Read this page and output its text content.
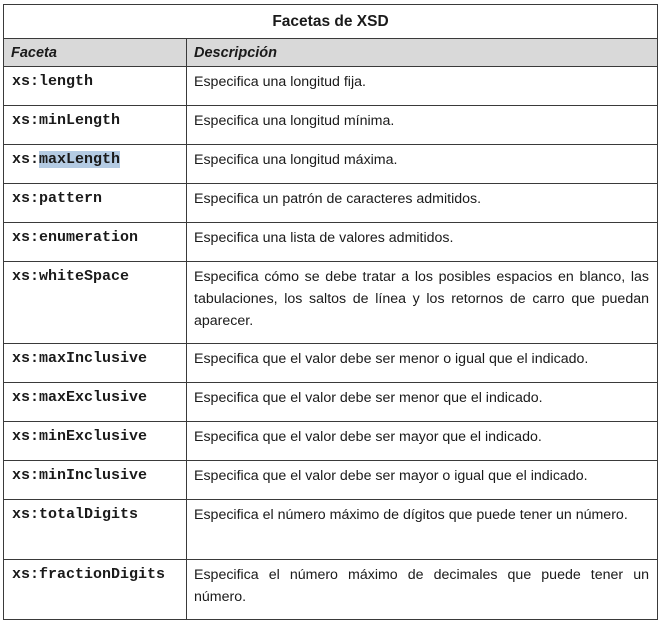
Facetas de XSD	
Faceta	Descripción
xs:length	Especifica una longitud fija.
xs:minLength	Especifica una longitud mínima.
xs:maxLength	Especifica una longitud máxima.
xs:pattern	Especifica un patrón de caracteres admitidos.
xs:enumeration	Especifica una lista de valores admitidos.
xs:whiteSpace	Especifica cómo se debe tratar a los posibles espacios en blanco, las tabulaciones, los saltos de línea y los retornos de carro que puedan aparecer.
xs:maxInclusive	Especifica que el valor debe ser menor o igual que el indicado.
xs:maxExclusive	Especifica que el valor debe ser menor que el indicado.
xs:minExclusive	Especifica que el valor debe ser mayor que el indicado.
xs:minInclusive	Especifica que el valor debe ser mayor o igual que el indicado.
xs:totalDigits	Especifica el número máximo de dígitos que puede tener un número.
xs:fractionDigits	Especifica el número máximo de decimales que puede tener un número.
